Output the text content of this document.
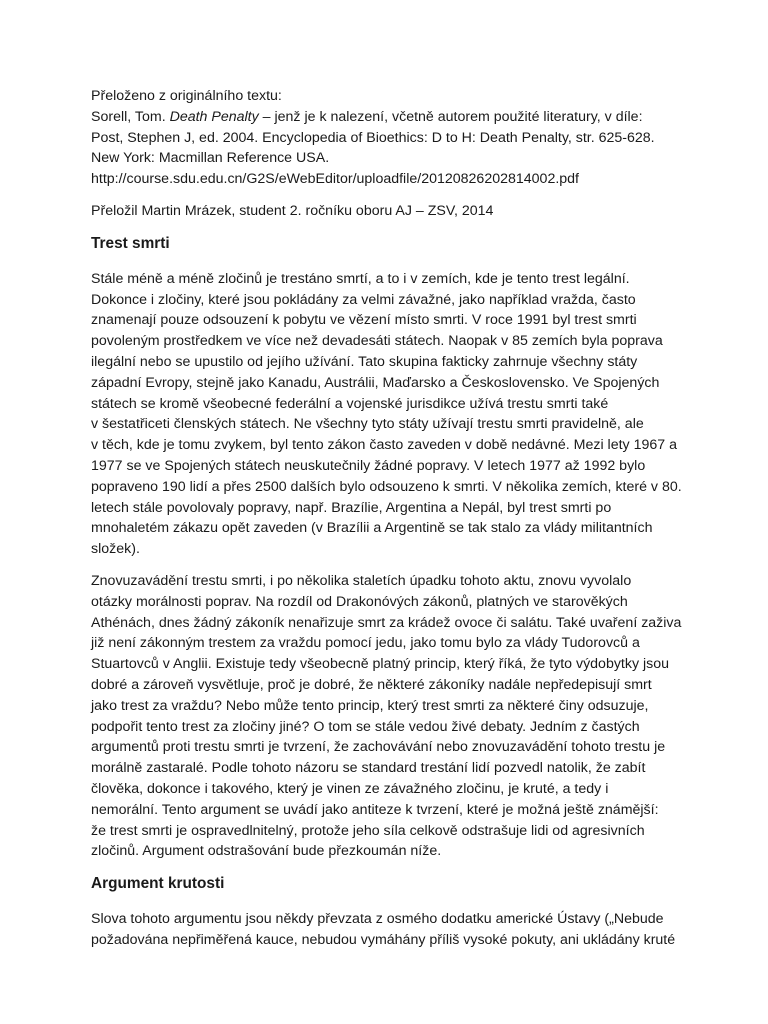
Přeloženo z originálního textu:
Sorell, Tom. Death Penalty – jenž je k nalezení, včetně autorem použité literatury, v díle:
Post, Stephen J, ed. 2004. Encyclopedia of Bioethics: D to H: Death Penalty, str. 625-628.
New York: Macmillan Reference USA.
http://course.sdu.edu.cn/G2S/eWebEditor/uploadfile/20120826202814002.pdf

Přeložil Martin Mrázek, student 2. ročníku oboru AJ – ZSV, 2014

Trest smrti
Stále méně a méně zločinů je trestáno smrtí, a to i v zemích, kde je tento trest legální.
Dokonce i zločiny, které jsou pokládány za velmi závažné, jako například vražda, často
znamenají pouze odsouzení k pobytu ve vězení místo smrti. V roce 1991 byl trest smrti
povoleným prostředkem ve více než devadesáti státech. Naopak v 85 zemích byla poprava
ilegální nebo se upustilo od jejího užívání. Tato skupina fakticky zahrnuje všechny státy
západní Evropy, stejně jako Kanadu, Austrálii, Maďarsko a Československo. Ve Spojených
státech se kromě všeobecné federální a vojenské jurisdikce užívá trestu smrti také
v šestatřiceti členských státech. Ne všechny tyto státy užívají trestu smrti pravidelně, ale
v těch, kde je tomu zvykem, byl tento zákon často zaveden v době nedávné. Mezi lety 1967 a
1977 se ve Spojených státech neuskutečnily žádné popravy. V letech 1977 až 1992 bylo
popraveno 190 lidí a přes 2500 dalších bylo odsouzeno k smrti. V několika zemích, které v 80.
letech stále povolovaly popravy, např. Brazílie, Argentina a Nepál, byl trest smrti po
mnohaletém zákazu opět zaveden (v Brazílii a Argentině se tak stalo za vlády militantních
složek).
Znovuzavádění trestu smrti, i po několika staletích úpadku tohoto aktu, znovu vyvolalo
otázky morálnosti poprav. Na rozdíl od Drakonóvých zákonů, platných ve starověkých
Athénách, dnes žádný zákoník nenařizuje smrt za krádež ovoce či salátu. Také uvaření zaživa
již není zákonným trestem za vraždu pomocí jedu, jako tomu bylo za vlády Tudorovců a
Stuartovců v Anglii. Existuje tedy všeobecně platný princip, který říká, že tyto výdobytky jsou
dobré a zároveň vysvětluje, proč je dobré, že některé zákoníky nadále nepředepisují smrt
jako trest za vraždu? Nebo může tento princip, který trest smrti za některé činy odsuzuje,
podpořit tento trest za zločiny jiné? O tom se stále vedou živé debaty. Jedním z častých
argumentů proti trestu smrti je tvrzení, že zachovávání nebo znovuzavádění tohoto trestu je
morálně zastaralé. Podle tohoto názoru se standard trestání lidí pozvedl natolik, že zabít
člověka, dokonce i takového, který je vinen ze závažného zločinu, je kruté, a tedy i
nemorální. Tento argument se uvádí jako antiteze k tvrzení, které je možná ještě známější:
že trest smrti je ospravedlnitelný, protože jeho síla celkově odstrašuje lidi od agresivních
zločinů. Argument odstrašování bude přezkoumán níže.
Argument krutosti
Slova tohoto argumentu jsou někdy převzata z osmého dodatku americké Ústavy („Nebude
požadována nepřiměřená kauce, nebudou vymáhány příliš vysoké pokuty, ani ukládány kruté
